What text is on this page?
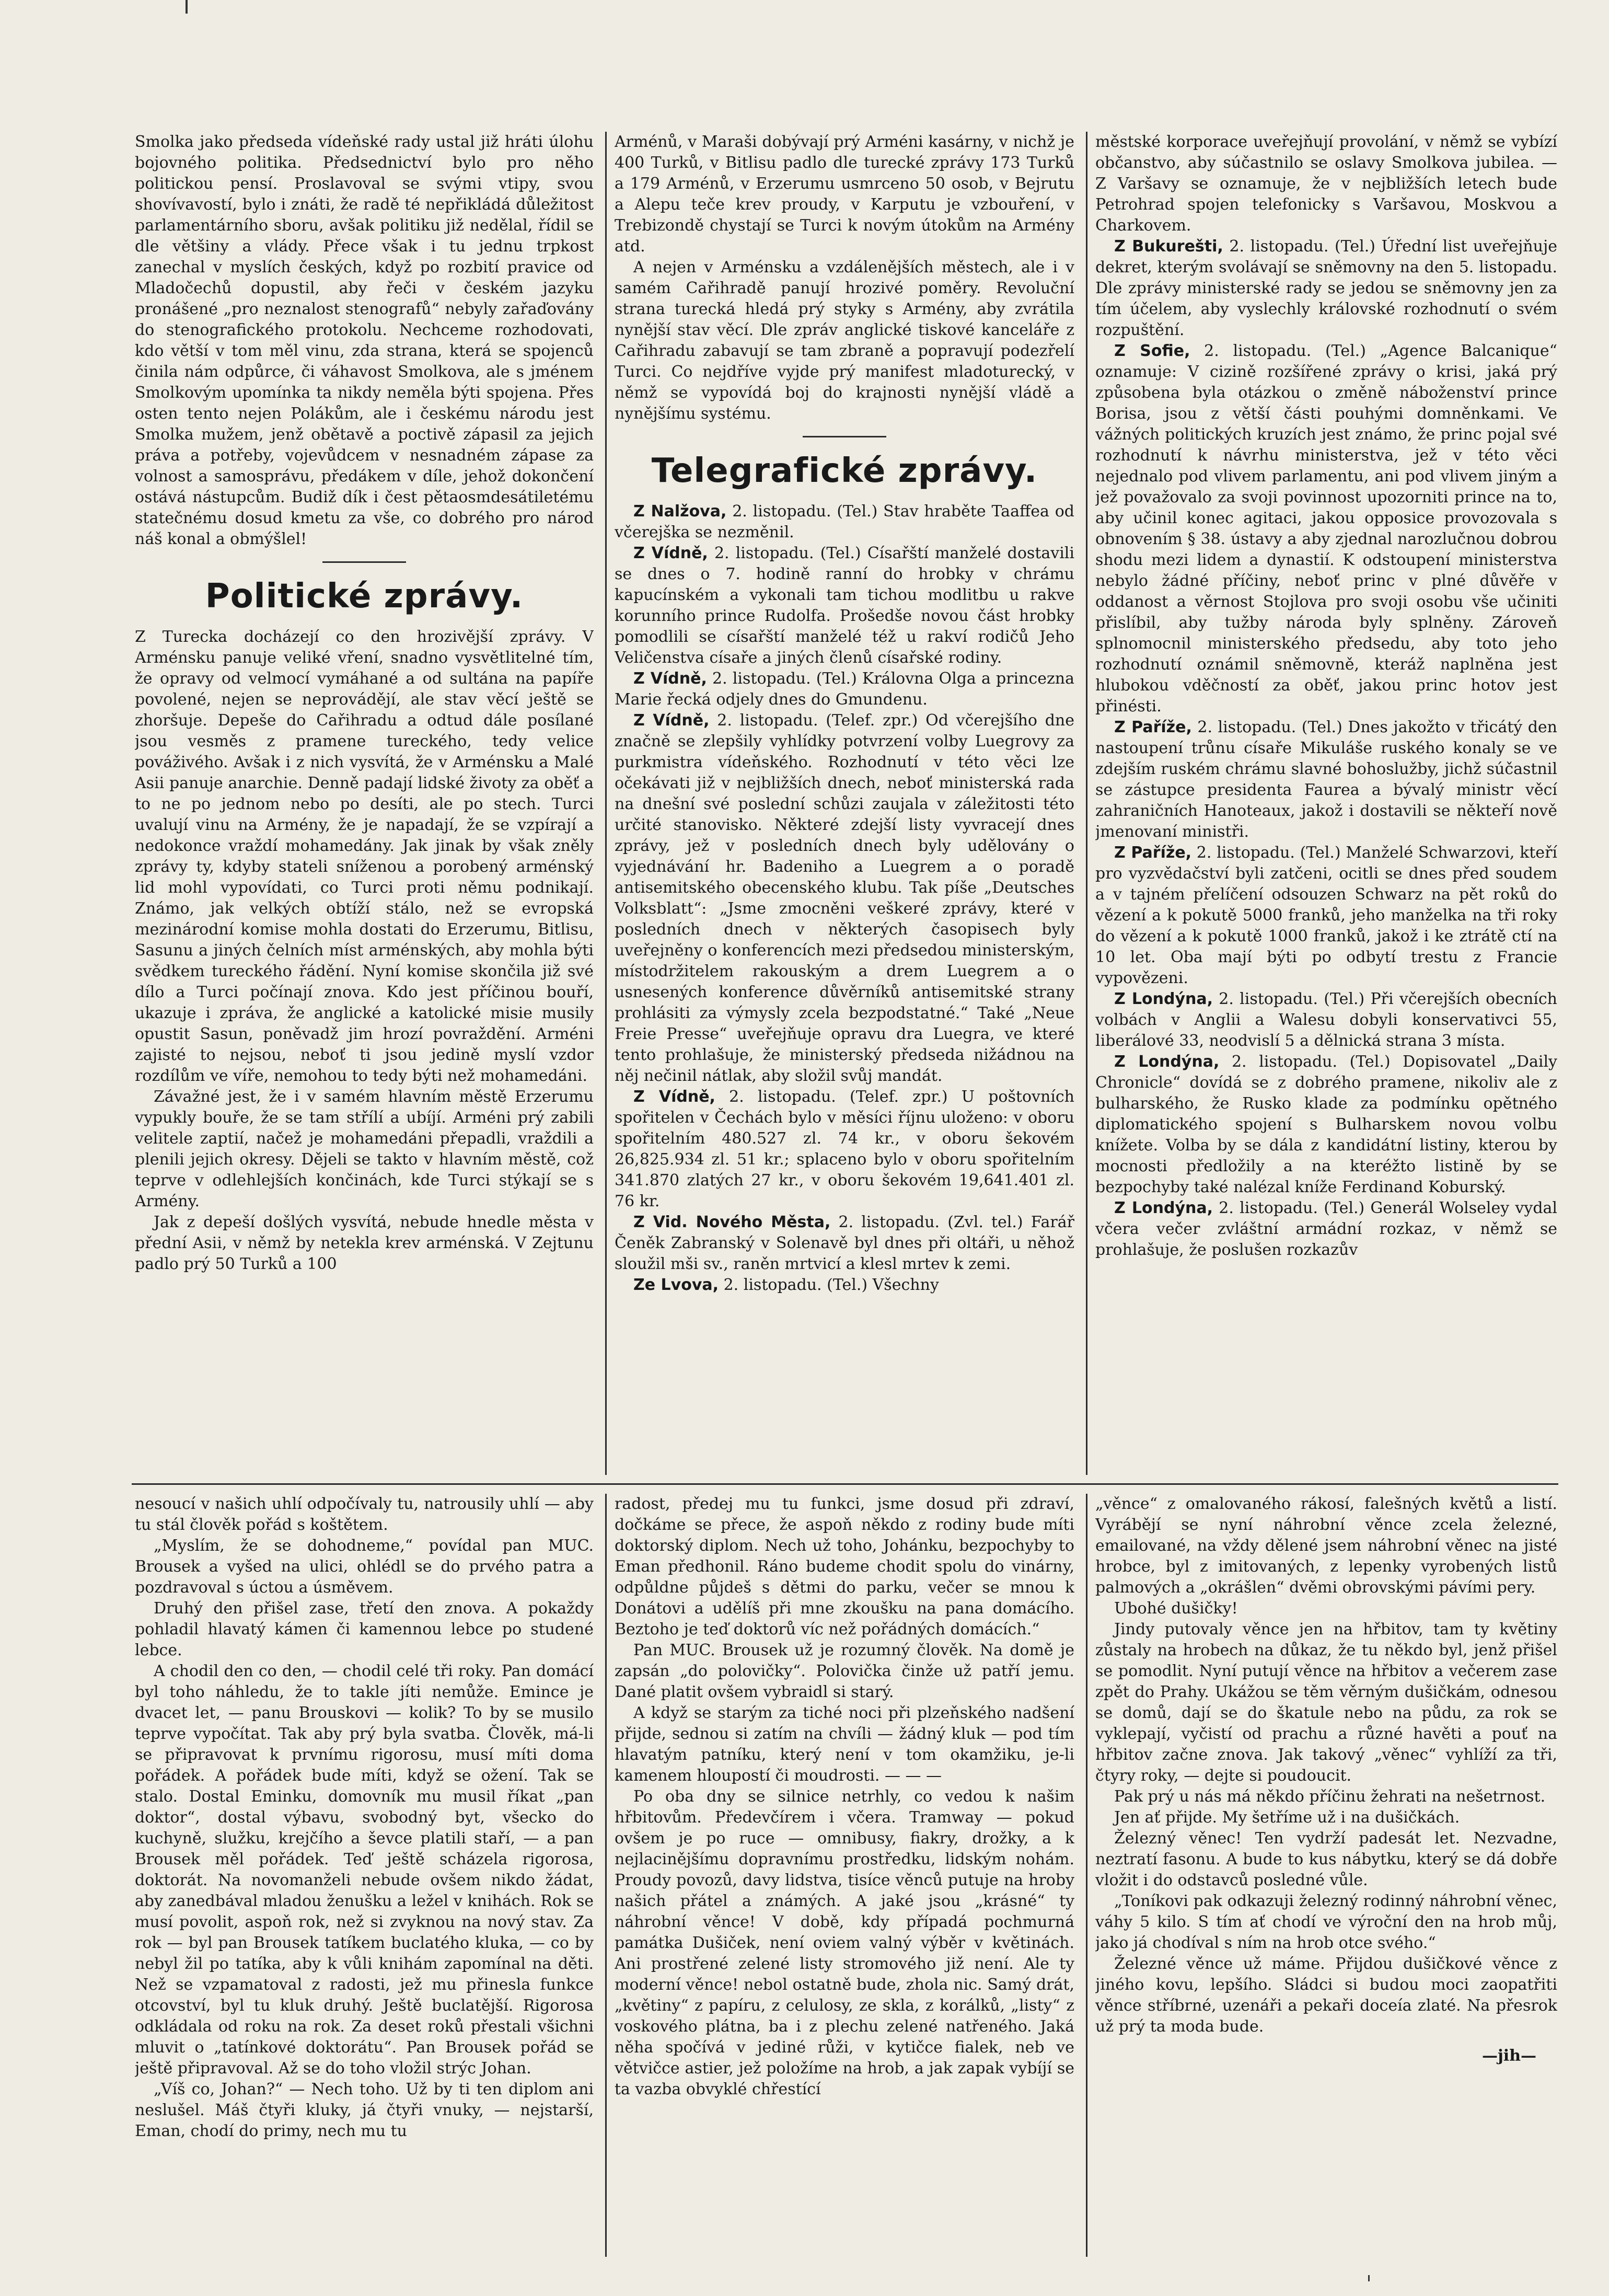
Smolka jako předseda vídeňské rady ustal již hráti úlohu bojovného politika. Předsednictví bylo pro něho politickou pensí. Proslavoval se svými vtipy, svou shovívavostí, bylo i znáti, že radě té nepřikládá důležitost parlamentárního sboru, avšak politiku již nedělal, řídil se dle většiny a vlády. Přece však i tu jednu trpkost zanechal v myslích českých, když po rozbití pravice od Mladočechů dopustil, aby řeči v českém jazyku pronášené „pro neznalost stenografů“ nebyly zařaďovány do stenografického protokolu. Nechceme rozhodovati, kdo větší v tom měl vinu, zda strana, která se spojenců činila nám odpůrce, či váhavost Smolkova, ale s jménem Smolkovým upomínka ta nikdy neměla býti spojena. Přes osten tento nejen Polákům, ale i českému národu jest Smolka mužem, jenž obětavě a poctivě zápasil za jejich práva a potřeby, vojevůdcem v nesnadném zápase za volnost a samosprávu, předákem v díle, jehož dokončení ostává nástupcům. Budiž dík i čest pětaosmdesátiletému statečnému dosud kmetu za vše, co dobrého pro národ náš konal a obmýšlel!

Politické zprávy.

Z Turecka docházejí co den hrozivější zprávy. V Arménsku panuje veliké vření, snadno vysvětlitelné tím, že opravy od velmocí vymáhané a od sultána na papíře povolené, nejen se neprovádějí, ale stav věcí ještě se zhoršuje. Depeše do Cařihradu a odtud dále posílané jsou vesměs z pramene tureckého, tedy velice pováživého. Avšak i z nich vysvítá, že v Arménsku a Malé Asii panuje anarchie. Denně padají lidské životy za oběť a to ne po jednom nebo po desíti, ale po stech. Turci uvalují vinu na Armény, že je napadají, že se vzpírají a nedokonce vraždí mohamedány. Jak jinak by však zněly zprávy ty, kdyby stateli sníženou a porobený arménský lid mohl vypovídati, co Turci proti němu podnikají. Známo, jak velkých obtíží stálo, než se evropská mezinárodní komise mohla dostati do Erzerumu, Bitlisu, Sasunu a jiných čelních míst arménských, aby mohla býti svědkem tureckého řádění. Nyní komise skončila již své dílo a Turci počínají znova. Kdo jest příčinou bouří, ukazuje i zpráva, že anglické a katolické misie musily opustit Sasun, poněvadž jim hrozí povraždění. Arméni zajisté to nejsou, neboť ti jsou jedině myslí vzdor rozdílům ve víře, nemohou to tedy býti než mohamedáni.

Závažné jest, že i v samém hlavním městě Erzerumu vypukly bouře, že se tam střílí a ubíjí. Arméni prý zabili velitele zaptií, načež je mohamedáni přepadli, vraždili a plenili jejich okresy. Dějeli se takto v hlavním městě, což teprve v odlehlejších končinách, kde Turci stýkají se s Armény.

Jak z depeší došlých vysvítá, nebude hnedle města v přední Asii, v němž by netekla krev arménská. V Zejtunu padlo prý 50 Turků a 100

Arménů, v Maraši dobývají prý Arméni kasárny, v nichž je 400 Turků, v Bitlisu padlo dle turecké zprávy 173 Turků a 179 Arménů, v Erzerumu usmrceno 50 osob, v Bejrutu a Alepu teče krev proudy, v Karputu je vzbouření, v Trebizondě chystají se Turci k novým útokům na Armény atd.

A nejen v Arménsku a vzdálenějších městech, ale i v samém Cařihradě panují hrozivé poměry. Revoluční strana turecká hledá prý styky s Armény, aby zvrátila nynější stav věcí. Dle zpráv anglické tiskové kanceláře z Cařihradu zabavují se tam zbraně a popravují podezřelí Turci. Co nejdříve vyjde prý manifest mladoturecký, v němž se vypovídá boj do krajnosti nynější vládě a nynějšímu systému.

Telegrafické zprávy.

Z Nalžova, 2. listopadu. (Tel.) Stav hraběte Taaffea od včerejška se nezměnil.

Z Vídně, 2. listopadu. (Tel.) Císařští manželé dostavili se dnes o 7. hodině ranní do hrobky v chrámu kapucínském a vykonali tam tichou modlitbu u rakve korunního prince Rudolfa. Prošedše novou část hrobky pomodlili se císařští manželé též u rakví rodičů Jeho Veličenstva císaře a jiných členů císařské rodiny.

Z Vídně, 2. listopadu. (Tel.) Královna Olga a princezna Marie řecká odjely dnes do Gmundenu.

Z Vídně, 2. listopadu. (Telef. zpr.) Od včerejšího dne značně se zlepšily vyhlídky potvrzení volby Luegrovy za purkmistra vídeňského. Rozhodnutí v této věci lze očekávati již v nejbližších dnech, neboť ministerská rada na dnešní své poslední schůzi zaujala v záležitosti této určité stanovisko. Některé zdejší listy vyvracejí dnes zprávy, jež v posledních dnech byly udělovány o vyjednávání hr. Badeniho a Luegrem a o poradě antisemitského obecenského klubu. Tak píše „Deutsches Volksblatt“: „Jsme zmocněni veškeré zprávy, které v posledních dnech v některých časopisech byly uveřejněny o konferencích mezi předsedou ministerským, místodržitelem rakouským a drem Luegrem a o usnesených konference důvěrníků antisemitské strany prohlásiti za výmysly zcela bezpodstatné.“ Také „Neue Freie Presse“ uveřejňuje opravu dra Luegra, ve které tento prohlašuje, že ministerský předseda nižádnou na něj nečinil nátlak, aby složil svůj mandát.

Z Vídně, 2. listopadu. (Telef. zpr.) U poštovních spořitelen v Čechách bylo v měsíci říjnu uloženo: v oboru spořitelním 480.527 zl. 74 kr., v oboru šekovém 26,825.934 zl. 51 kr.; splaceno bylo v oboru spořitelním 341.870 zlatých 27 kr., v oboru šekovém 19,641.401 zl. 76 kr.

Z Vid. Nového Města, 2. listopadu. (Zvl. tel.) Farář Čeněk Zabranský v Solenavě byl dnes při oltáři, u něhož sloužil mši sv., raněn mrtvicí a klesl mrtev k zemi.

Ze Lvova, 2. listopadu. (Tel.) Všechny

městské korporace uveřejňují provolání, v němž se vybízí občanstvo, aby súčastnilo se oslavy Smolkova jubilea. — Z Varšavy se oznamuje, že v nejbližších letech bude Petrohrad spojen telefonicky s Varšavou, Moskvou a Charkovem.

Z Bukurešti, 2. listopadu. (Tel.) Úřední list uveřejňuje dekret, kterým svolávají se sněmovny na den 5. listopadu. Dle zprávy ministerské rady se jedou se sněmovny jen za tím účelem, aby vyslechly královské rozhodnutí o svém rozpuštění.

Z Sofie, 2. listopadu. (Tel.) „Agence Balcanique“ oznamuje: V cizině rozšířené zprávy o krisi, jaká prý způsobena byla otázkou o změně náboženství prince Borisa, jsou z větší části pouhými domněnkami. Ve vážných politických kruzích jest známo, že princ pojal své rozhodnutí k návrhu ministerstva, jež v této věci nejednalo pod vlivem parlamentu, ani pod vlivem jiným a jež považovalo za svoji povinnost upozorniti prince na to, aby učinil konec agitaci, jakou opposice provozovala s obnovením § 38. ústavy a aby zjednal narozlučnou dobrou shodu mezi lidem a dynastií. K odstoupení ministerstva nebylo žádné příčiny, neboť princ v plné důvěře v oddanost a věrnost Stojlova pro svoji osobu vše učiniti přislíbil, aby tužby národa byly splněny. Zároveň splnomocnil ministerského předsedu, aby toto jeho rozhodnutí oznámil sněmovně, kteráž naplněna jest hlubokou vděčností za oběť, jakou princ hotov jest přinésti.

Z Paříže, 2. listopadu. (Tel.) Dnes jakožto v třicátý den nastoupení trůnu císaře Mikuláše ruského konaly se ve zdejším ruském chrámu slavné bohoslužby, jichž súčastnil se zástupce presidenta Faurea a bývalý ministr věcí zahraničních Hanoteaux, jakož i dostavili se někteří nově jmenovaní ministři.

Z Paříže, 2. listopadu. (Tel.) Manželé Schwarzovi, kteří pro vyzvědačství byli zatčeni, ocitli se dnes před soudem a v tajném přelíčení odsouzen Schwarz na pět roků do vězení a k pokutě 5000 franků, jeho manželka na tři roky do vězení a k pokutě 1000 franků, jakož i ke ztrátě ctí na 10 let. Oba mají býti po odbytí trestu z Francie vypovězeni.

Z Londýna, 2. listopadu. (Tel.) Při včerejších obecních volbách v Anglii a Walesu dobyli konservativci 55, liberálové 33, neodvislí 5 a dělnická strana 3 místa.

Z Londýna, 2. listopadu. (Tel.) Dopisovatel „Daily Chronicle“ dovídá se z dobrého pramene, nikoliv ale z bulharského, že Rusko klade za podmínku opětného diplomatického spojení s Bulharskem novou volbu knížete. Volba by se dála z kandidátní listiny, kterou by mocnosti předložily a na kteréžto listině by se bezpochyby také nalézal kníže Ferdinand Koburský.

Z Londýna, 2. listopadu. (Tel.) Generál Wolseley vydal včera večer zvláštní armádní rozkaz, v němž se prohlašuje, že poslušen rozkazův

nesoucí v našich uhlí odpočívaly tu, natrousily uhlí — aby tu stál člověk pořád s koštětem.

„Myslím, že se dohodneme,“ povídal pan MUC. Brousek a vyšed na ulici, ohlédl se do prvého patra a pozdravoval s úctou a úsměvem.

Druhý den přišel zase, třetí den znova. A pokaždy pohladil hlavatý kámen či kamennou lebce po studené lebce.

A chodil den co den, — chodil celé tři roky. Pan domácí byl toho náhledu, že to takle jíti nemůže. Emince je dvacet let, — panu Brouskovi — kolik? To by se musilo teprve vypočítat. Tak aby prý byla svatba. Člověk, má-li se připravovat k prvnímu rigorosu, musí míti doma pořádek. A pořádek bude míti, když se ožení. Tak se stalo. Dostal Eminku, domovník mu musil říkat „pan doktor“, dostal výbavu, svobodný byt, všecko do kuchyně, služku, krejčího a ševce platili staří, — a pan Brousek měl pořádek. Teď ještě scházela rigorosa, doktorát. Na novomanželi nebude ovšem nikdo žádat, aby zanedbával mladou ženušku a ležel v knihách. Rok se musí povolit, aspoň rok, než si zvyknou na nový stav. Za rok — byl pan Brousek tatíkem buclatého kluka, — co by nebyl žil po tatíka, aby k vůli knihám zapomínal na děti. Než se vzpamatoval z radosti, jež mu přinesla funkce otcovství, byl tu kluk druhý. Ještě buclatější. Rigorosa odkládala od roku na rok. Za deset roků přestali všichni mluvit o „tatínkové doktorátu“. Pan Brousek pořád se ještě připravoval. Až se do toho vložil strýc Johan.

„Víš co, Johan?“ — Nech toho. Už by ti ten diplom ani neslušel. Máš čtyři kluky, já čtyři vnuky, — nejstarší, Eman, chodí do primy, nech mu tu

radost, předej mu tu funkci, jsme dosud při zdraví, dočkáme se přece, že aspoň někdo z rodiny bude míti doktorský diplom. Nech už toho, Johánku, bezpochyby to Eman předhonil. Ráno budeme chodit spolu do vinárny, odpůldne půjdeš s dětmi do parku, večer se mnou k Donátovi a udělíš při mne zkoušku na pana domácího. Beztoho je teď doktorů víc než pořádných domácích.“

Pan MUC. Brousek už je rozumný člověk. Na domě je zapsán „do polovičky“. Polovička činže už patří jemu. Dané platit ovšem vybraidl si starý.

A když se starým za tiché noci při plzeňského nadšení přijde, sednou si zatím na chvíli — žádný kluk — pod tím hlavatým patníku, který není v tom okamžiku, je-li kamenem hloupostí či moudrosti. — — —

Po oba dny se silnice netrhly, co vedou k našim hřbitovům. Předevčírem i včera. Tramway — pokud ovšem je po ruce — omnibusy, fiakry, drožky, a k nejlacinějšímu dopravnímu prostředku, lidským nohám. Proudy povozů, davy lidstva, tisíce věnců putuje na hroby našich přátel a známých. A jaké jsou „krásné“ ty náhrobní věnce! V době, kdy případá pochmurná památka Dušiček, není oviem valný výběr v květinách. Ani prostřené zelené listy stromového již není. Ale ty moderní věnce! nebol ostatně bude, zhola nic. Samý drát, „květiny“ z papíru, z celulosy, ze skla, z korálků, „listy“ z voskového plátna, ba i z plechu zelené natřeného. Jaká něha spočívá v jediné růži, v kytičce fialek, neb ve větvičce astier, jež položíme na hrob, a jak zapak vybíjí se ta vazba obvyklé chřestící

„věnce“ z omalovaného rákosí, falešných květů a listí. Vyrábějí se nyní náhrobní věnce zcela železné, emailované, na vždy dělené jsem náhrobní věnec na jisté hrobce, byl z imitovaných, z lepenky vyrobených listů palmových a „okrášlen“ dvěmi obrovskými pávími pery.

Ubohé dušičky!

Jindy putovaly věnce jen na hřbitov, tam ty květiny zůstaly na hrobech na důkaz, že tu někdo byl, jenž přišel se pomodlit. Nyní putují věnce na hřbitov a večerem zase zpět do Prahy. Ukážou se těm věrným dušičkám, odnesou se domů, dají se do škatule nebo na půdu, za rok se vyklepají, vyčistí od prachu a různé havěti a pouť na hřbitov začne znova. Jak takový „věnec“ vyhlíží za tři, čtyry roky, — dejte si poudoucit.

Pak prý u nás má někdo příčinu žehrati na nešetrnost.

Jen ať přijde. My šetříme už i na dušičkách.

Železný věnec! Ten vydrží padesát let. Nezvadne, neztratí fasonu. A bude to kus nábytku, který se dá dobře vložit i do odstavců posledné vůle.

„Toníkovi pak odkazuji železný rodinný náhrobní věnec, váhy 5 kilo. S tím ať chodí ve výroční den na hrob můj, jako já chodíval s ním na hrob otce svého.“

Železné věnce už máme. Přijdou dušičkové věnce z jiného kovu, lepšího. Sládci si budou moci zaopatřiti věnce stříbrné, uzenáři a pekaři doceía zlaté. Na přesrok už prý ta moda bude.

—jih—
